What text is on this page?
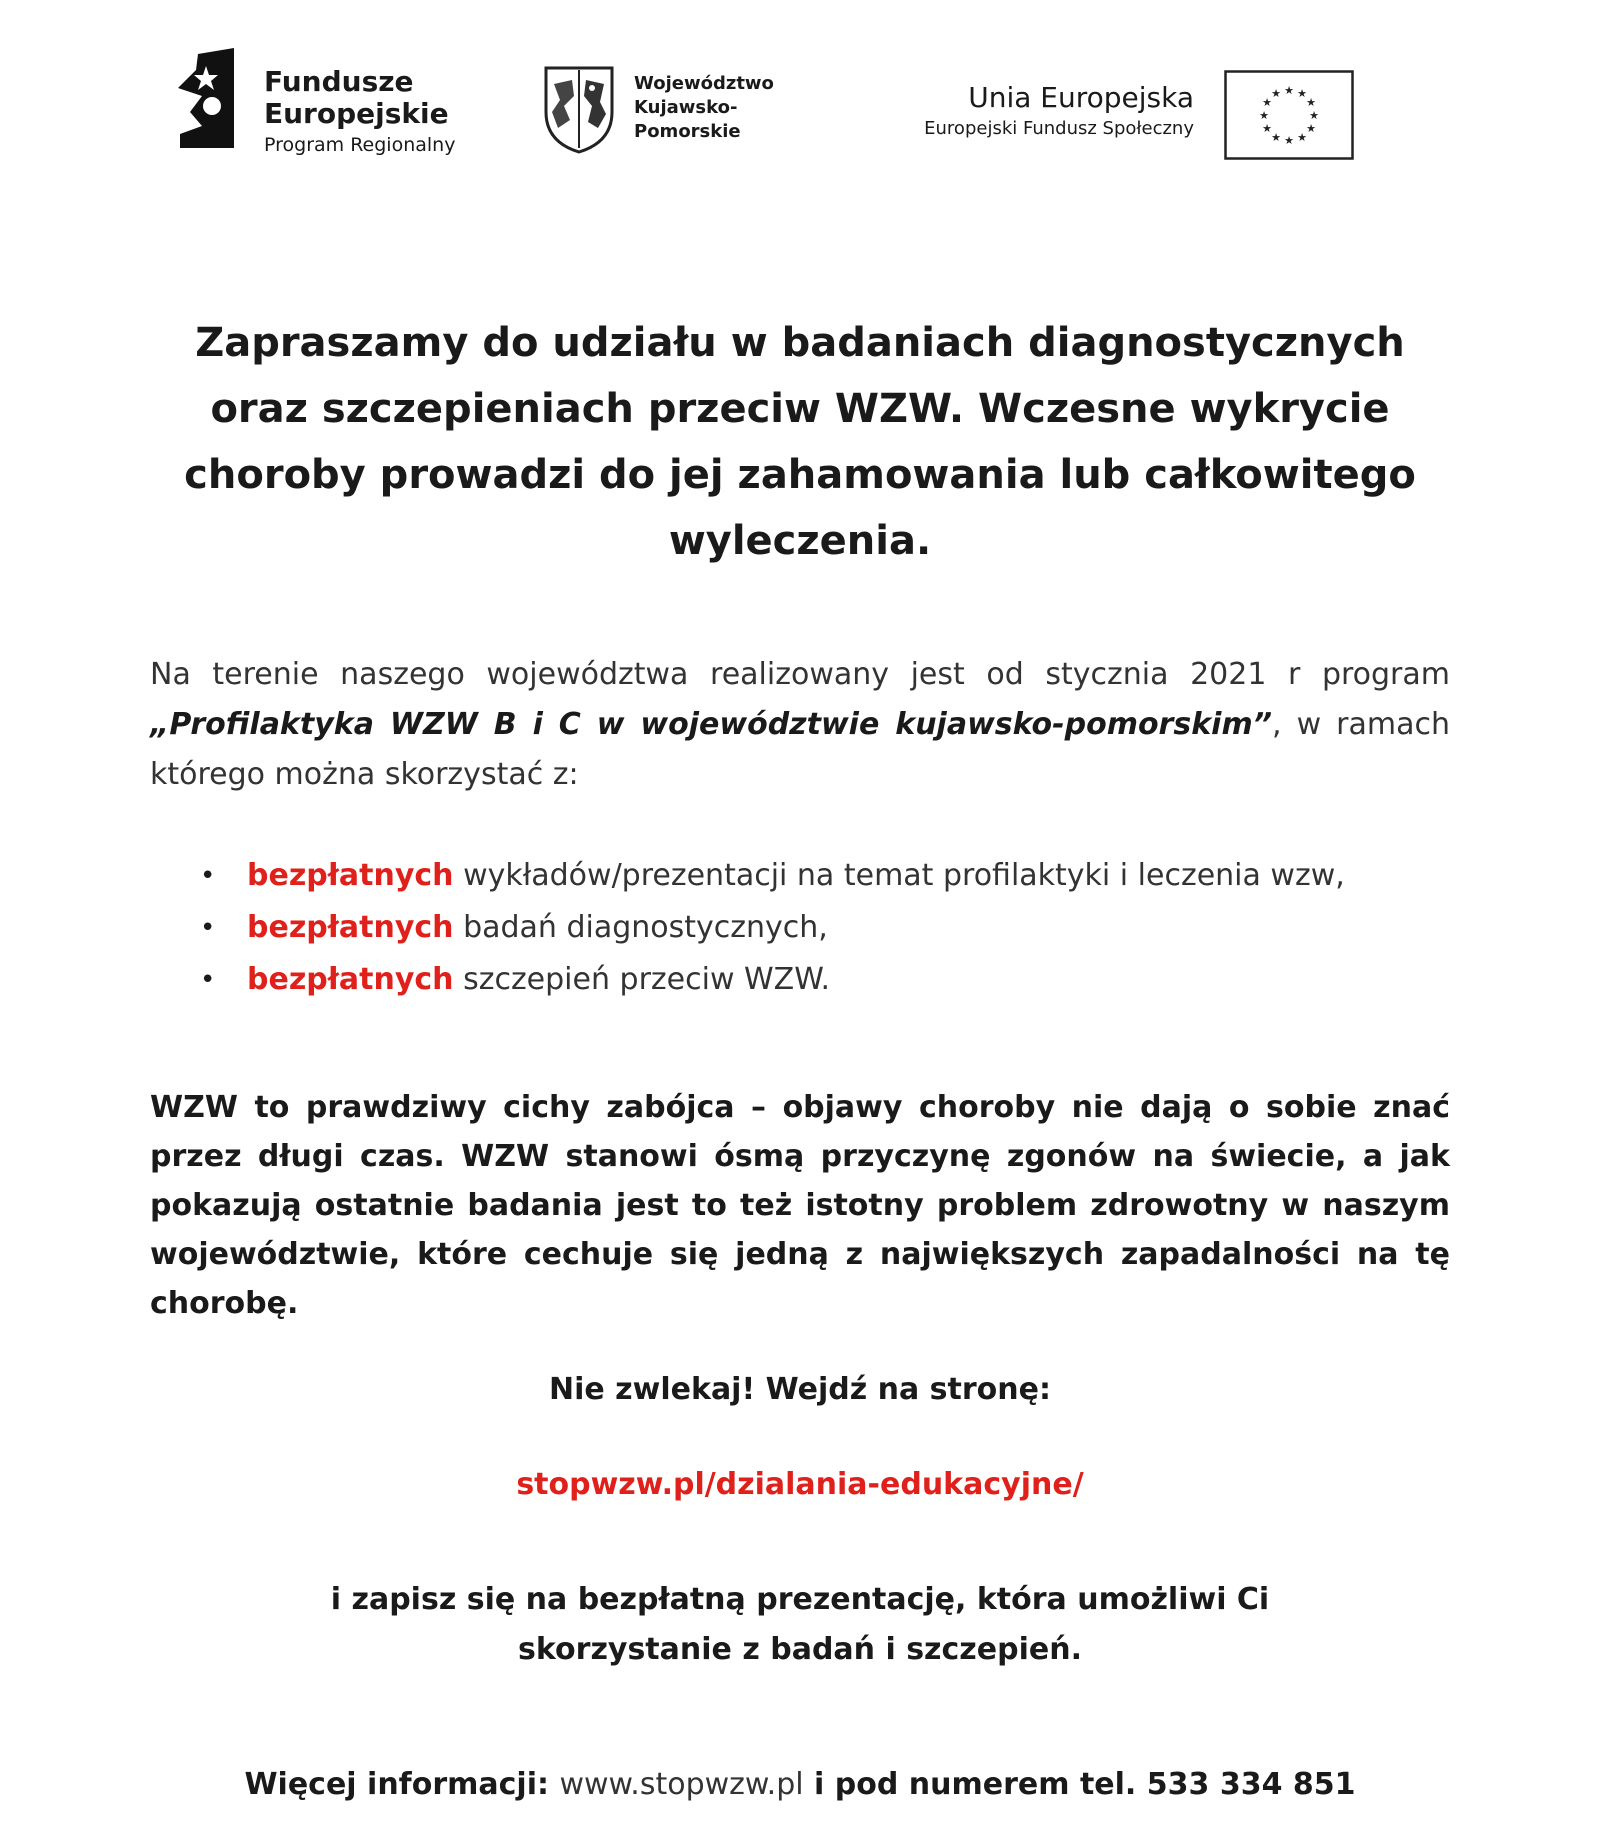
Fundusze
Europejskie
Program Regionalny
Województwo
Kujawsko-Pomorskie
Unia Europejska
Europejski Fundusz Społeczny
★ ★
★
★
★
★
★
★
★
★
★
★
Zapraszamy do udziału w badaniach diagnostycznych oraz szczepieniach przeciw WZW. Wczesne wykrycie choroby prowadzi do jej zahamowania lub całkowitego wyleczenia.
Na terenie naszego województwa realizowany jest od stycznia 2021 r program „Profilaktyka WZW B i C w województwie kujawsko-pomorskim”, w ramach którego można skorzystać z:
• bezpłatnych wykładów/prezentacji na temat profilaktyki i leczenia wzw,
• bezpłatnych badań diagnostycznych,
• bezpłatnych szczepień przeciw WZW.
WZW to prawdziwy cichy zabójca – objawy choroby nie dają o sobie znać przez długi czas. WZW stanowi ósmą przyczynę zgonów na świecie, a jak pokazują ostatnie badania jest to też istotny problem zdrowotny w naszym województwie, które cechuje się jedną z największych zapadalności na tę chorobę.
Nie zwlekaj! Wejdź na stronę:
stopwzw.pl/dzialania-edukacyjne/
i zapisz się na bezpłatną prezentację, która umożliwi Ci
skorzystanie z badań i szczepień.
Więcej informacji: www.stopwzw.pl i pod numerem tel. 533 334 851
